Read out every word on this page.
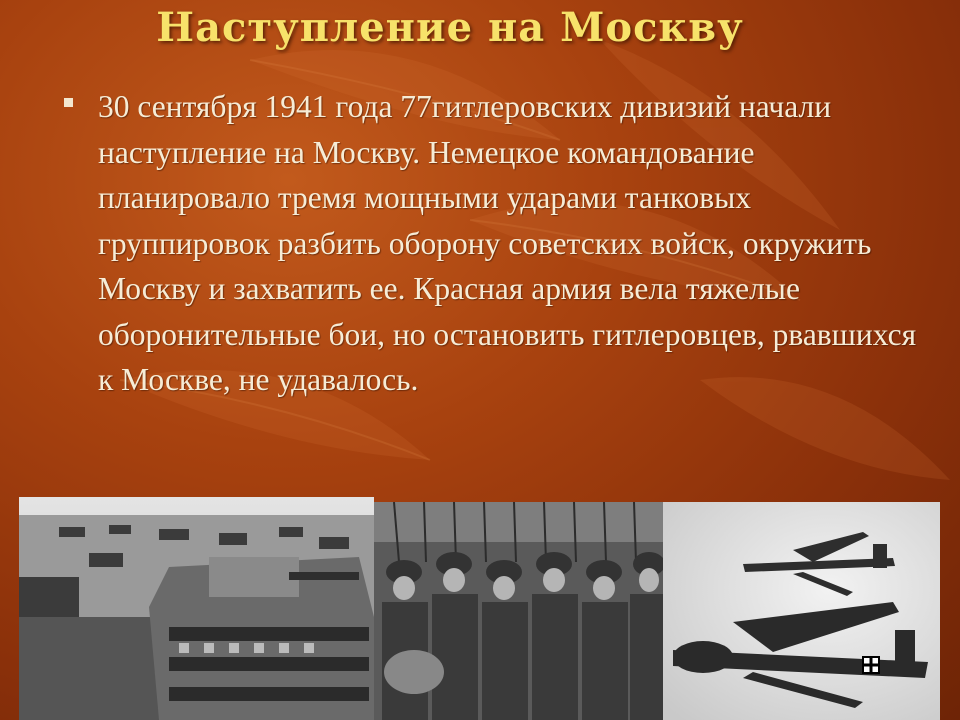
Наступление на Москву
30 сентября 1941 года 77гитлеровских дивизий начали наступление на Москву. Немецкое командование планировало тремя мощными ударами танковых группировок разбить оборону советских войск, окружить Москву и захватить ее. Красная армия вела тяжелые оборонительные бои, но остановить гитлеровцев, рвавшихся к Москве, не удавалось.
